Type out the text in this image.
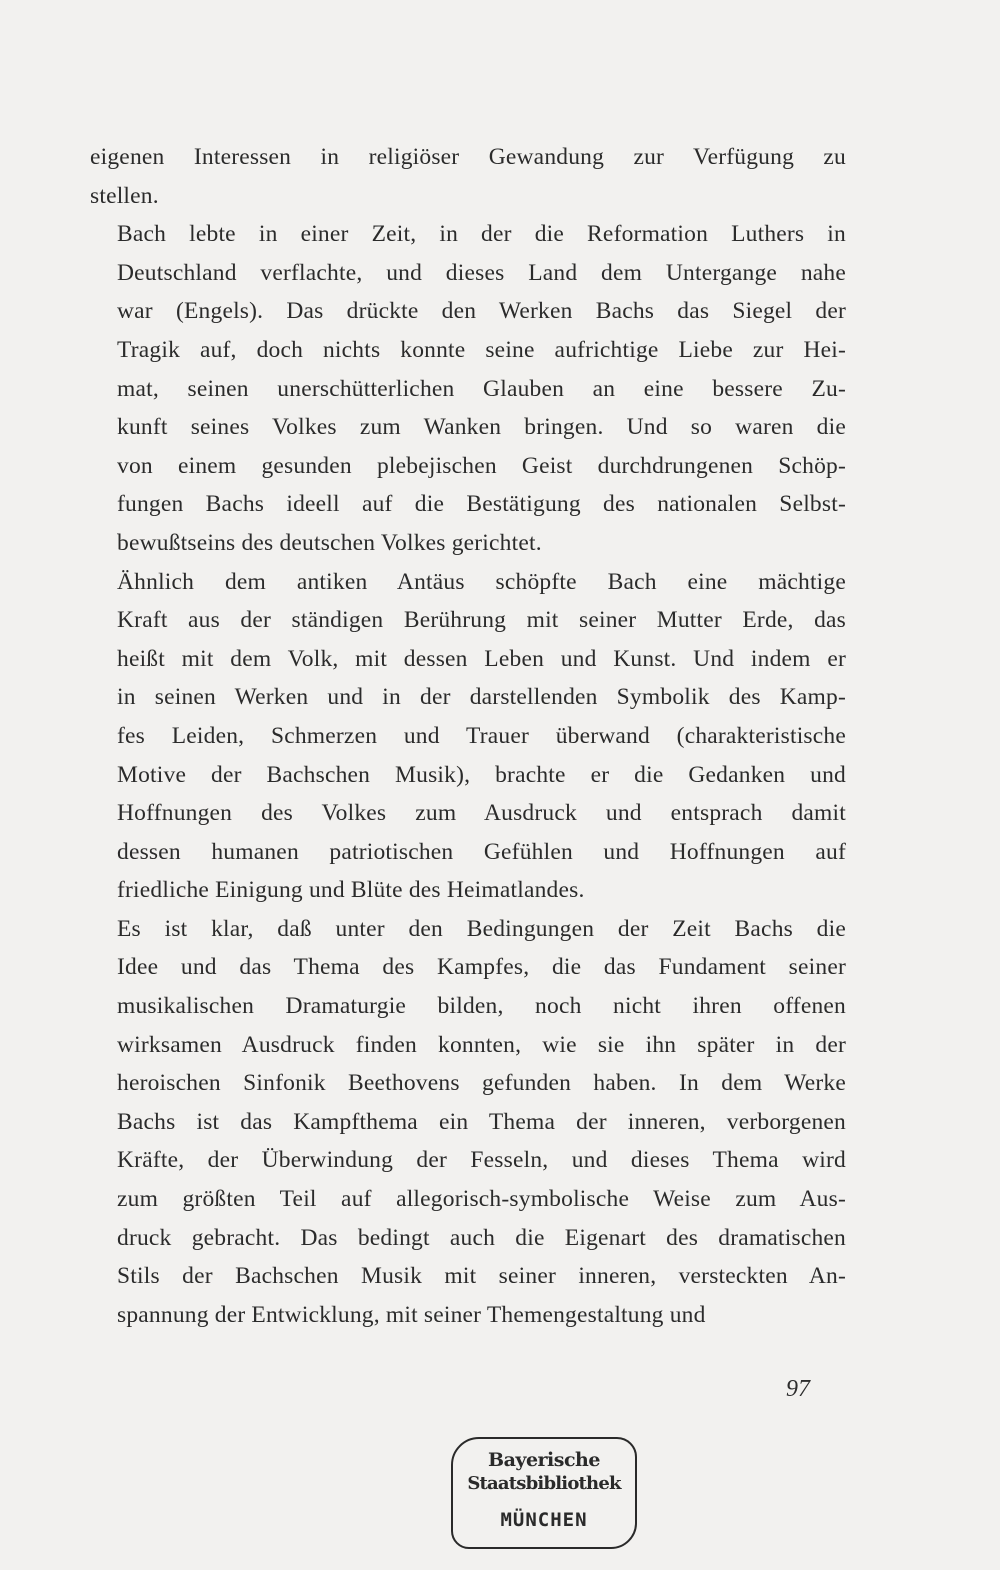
eigenen Interessen in religiöser Gewandung zur Verfügung zu
stellen.
Bach lebte in einer Zeit, in der die Reformation Luthers in
Deutschland verflachte, und dieses Land dem Untergange nahe
war (Engels). Das drückte den Werken Bachs das Siegel der
Tragik auf, doch nichts konnte seine aufrichtige Liebe zur Hei-
mat, seinen unerschütterlichen Glauben an eine bessere Zu-
kunft seines Volkes zum Wanken bringen. Und so waren die
von einem gesunden plebejischen Geist durchdrungenen Schöp-
fungen Bachs ideell auf die Bestätigung des nationalen Selbst-
bewußtseins des deutschen Volkes gerichtet.
Ähnlich dem antiken Antäus schöpfte Bach eine mächtige
Kraft aus der ständigen Berührung mit seiner Mutter Erde, das
heißt mit dem Volk, mit dessen Leben und Kunst. Und indem er
in seinen Werken und in der darstellenden Symbolik des Kamp-
fes Leiden, Schmerzen und Trauer überwand (charakteristische
Motive der Bachschen Musik), brachte er die Gedanken und
Hoffnungen des Volkes zum Ausdruck und entsprach damit
dessen humanen patriotischen Gefühlen und Hoffnungen auf
friedliche Einigung und Blüte des Heimatlandes.
Es ist klar, daß unter den Bedingungen der Zeit Bachs die
Idee und das Thema des Kampfes, die das Fundament seiner
musikalischen Dramaturgie bilden, noch nicht ihren offenen
wirksamen Ausdruck finden konnten, wie sie ihn später in der
heroischen Sinfonik Beethovens gefunden haben. In dem Werke
Bachs ist das Kampfthema ein Thema der inneren, verborgenen
Kräfte, der Überwindung der Fesseln, und dieses Thema wird
zum größten Teil auf allegorisch-symbolische Weise zum Aus-
druck gebracht. Das bedingt auch die Eigenart des dramatischen
Stils der Bachschen Musik mit seiner inneren, versteckten An-
spannung der Entwicklung, mit seiner Themengestaltung und
97
Bayerische
Staatsbibliothek
MÜNCHEN
